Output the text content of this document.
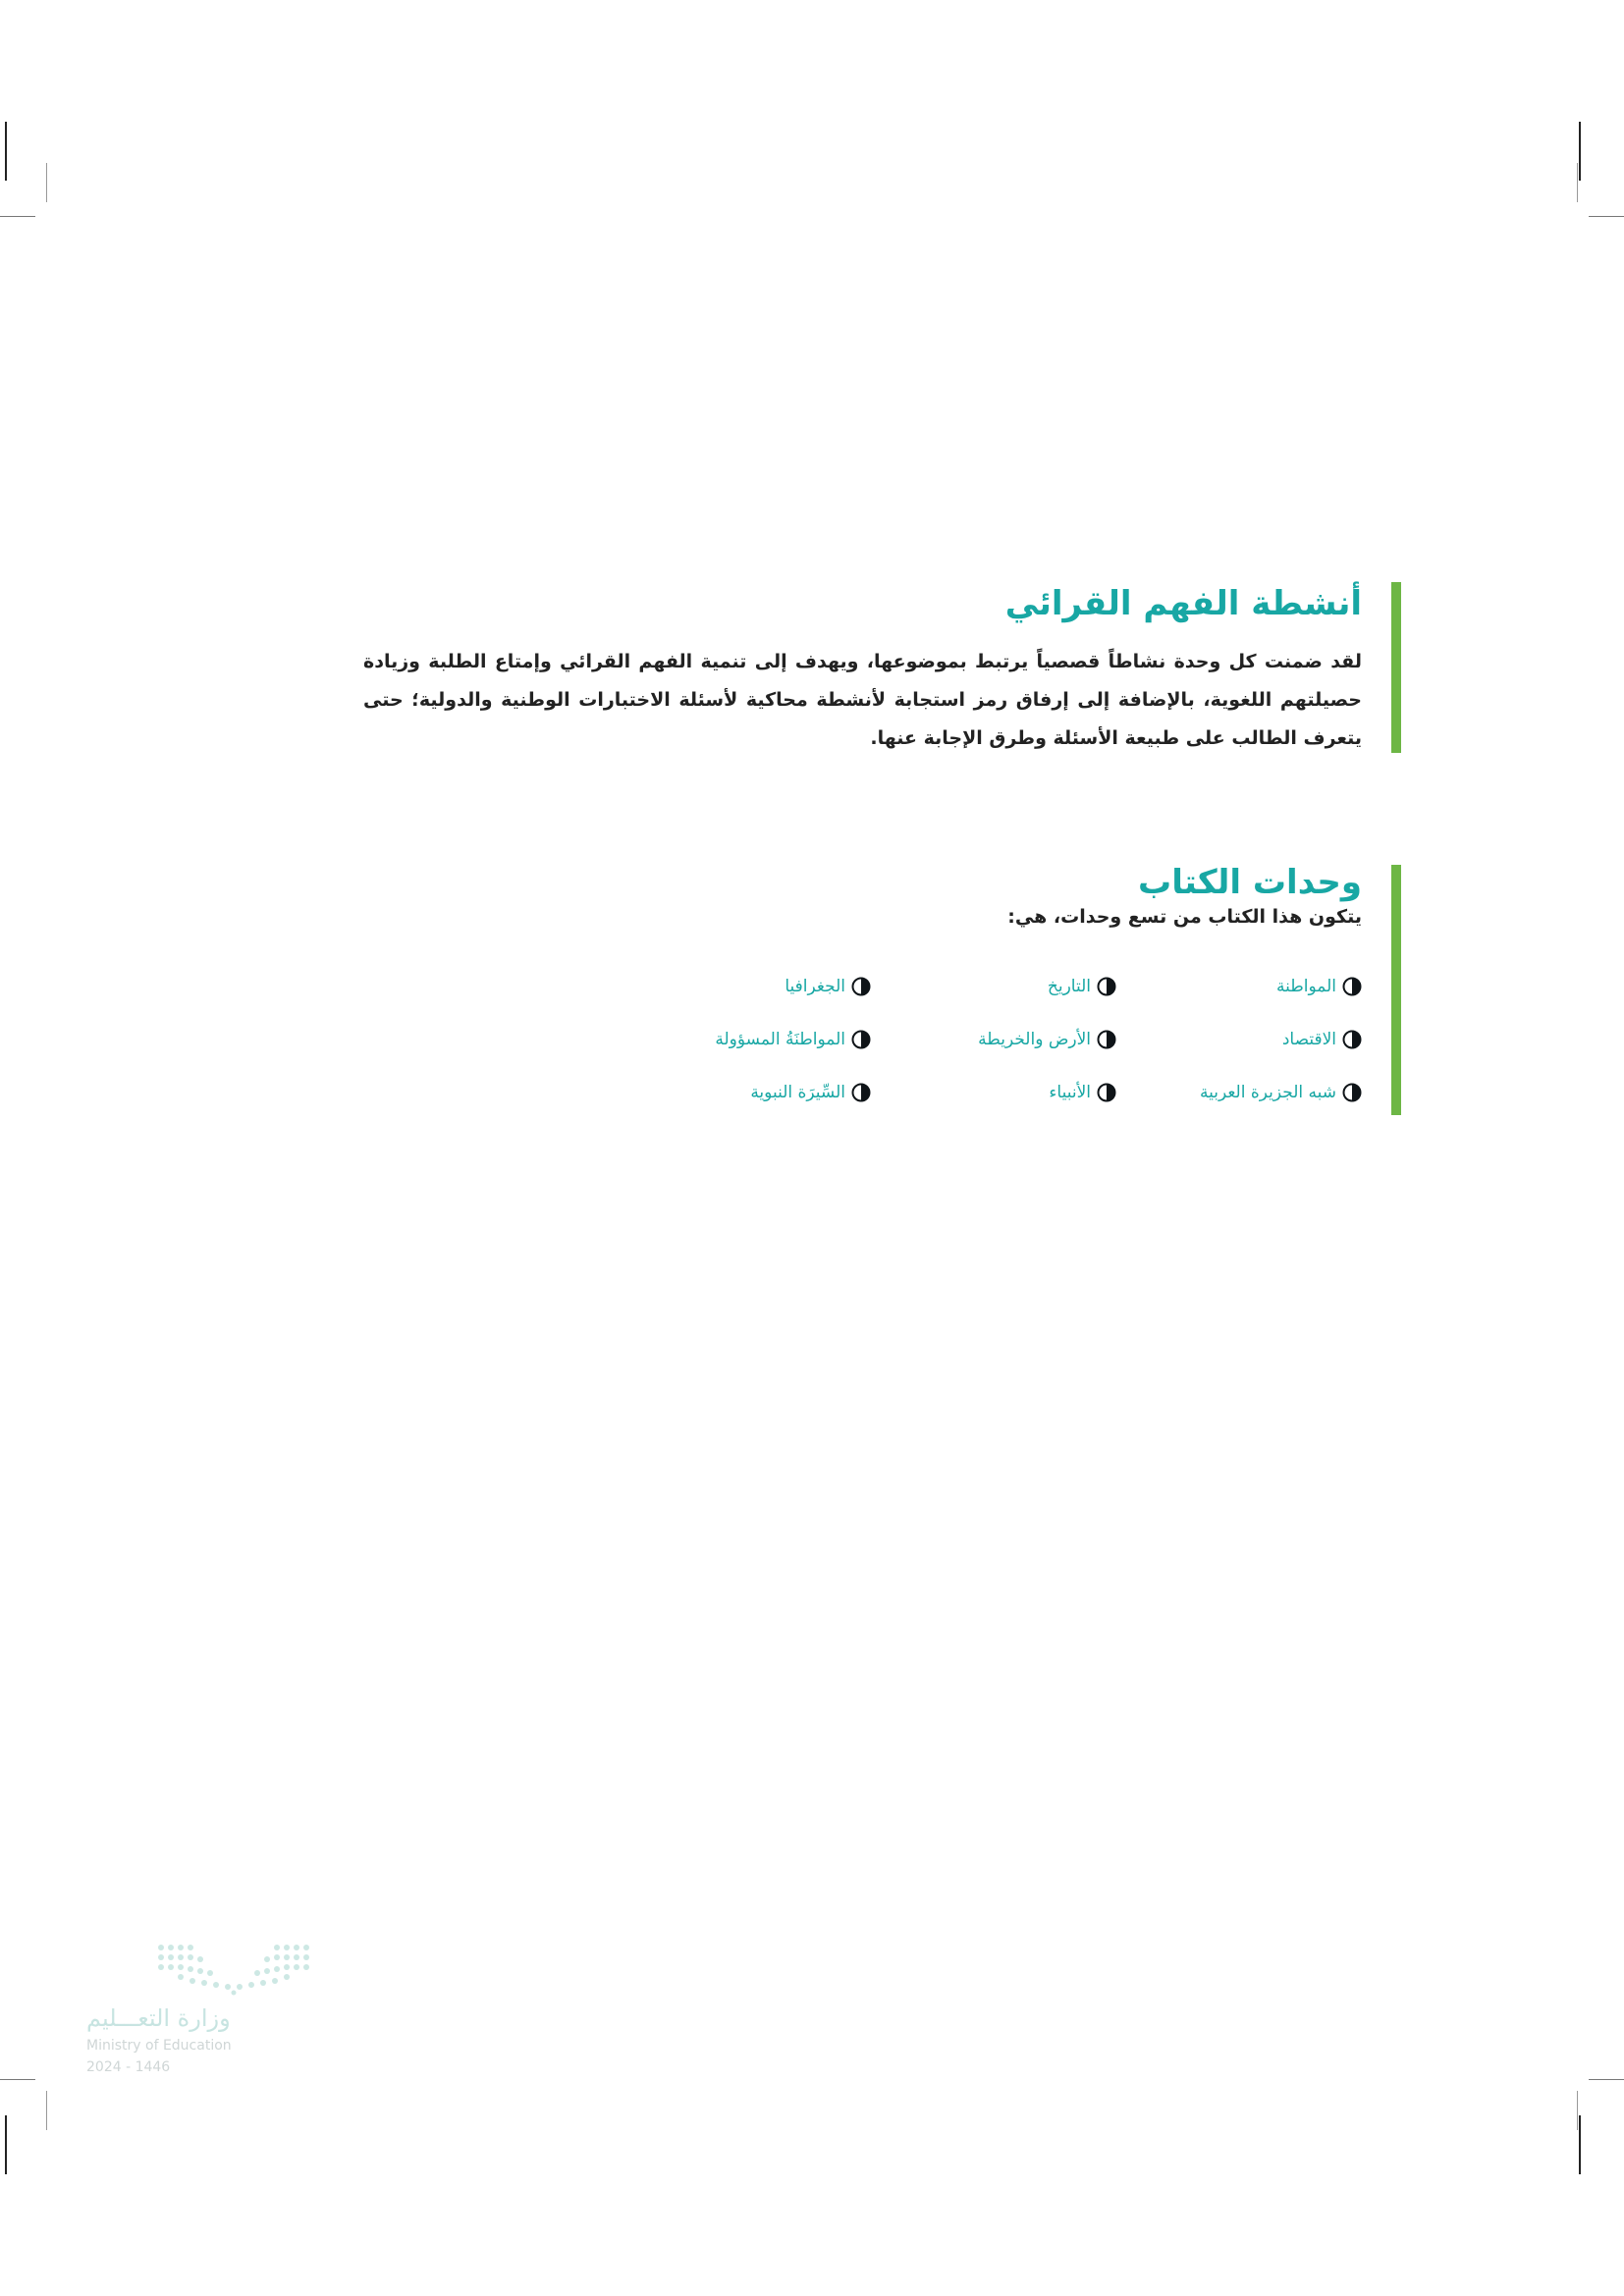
أنشطة الفهم القرائي

لقد ضمنت كل وحدة نشاطاً قصصياً يرتبط بموضوعها، ويهدف إلى تنمية الفهم القرائي وإمتاع الطلبة وزيادة حصيلتهم اللغوية، بالإضافة إلى إرفاق رمز استجابة لأنشطة محاكية لأسئلة الاختبارات الوطنية والدولية؛ حتى يتعرف الطالب على طبيعة الأسئلة وطرق الإجابة عنها.

وحدات الكتاب

يتكون هذا الكتاب من تسع وحدات، هي:

المواطنة
التاريخ
الجغرافيا
الاقتصاد
الأرض والخريطة
المواطنَةُ المسؤولة
شبه الجزيرة العربية
الأنبياء
السِّيرَة النبوية
وزارة التعـــليم
Ministry of Education
2024 - 1446
